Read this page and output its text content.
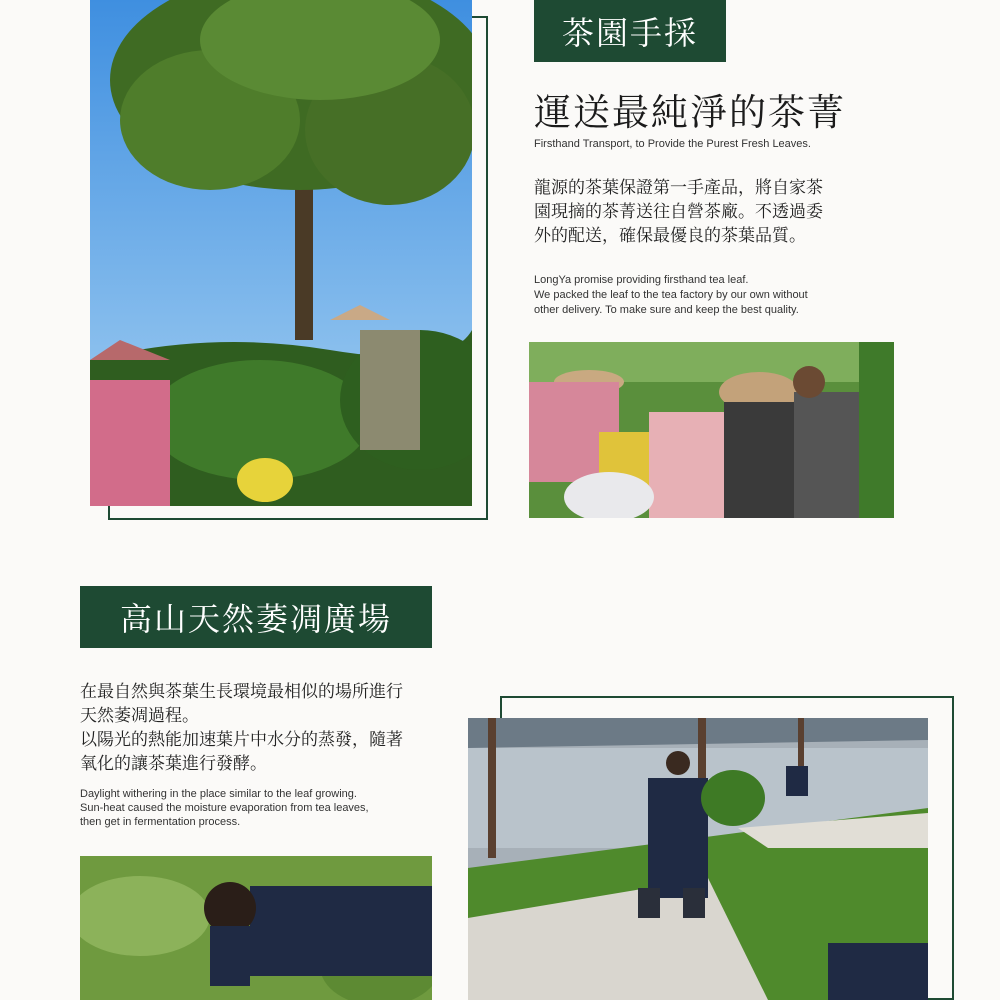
茶園手採
運送最純淨的茶菁
Firsthand Transport, to Provide the Purest Fresh Leaves.
龍源的茶葉保證第一手產品，將自家茶
園現摘的茶菁送往自營茶廠。不透過委
外的配送，確保最優良的茶葉品質。
LongYa promise providing firsthand tea leaf.
We packed the leaf to the tea factory by our own without
other delivery. To make sure and keep the best quality.
高山天然萎凋廣場
在最自然與茶葉生長環境最相似的場所進行
天然萎凋過程。
以陽光的熱能加速葉片中水分的蒸發，隨著
氧化的讓茶葉進行發酵。
Daylight withering in the place similar to the leaf growing.
Sun-heat caused the moisture evaporation from tea leaves,
then get in fermentation process.
